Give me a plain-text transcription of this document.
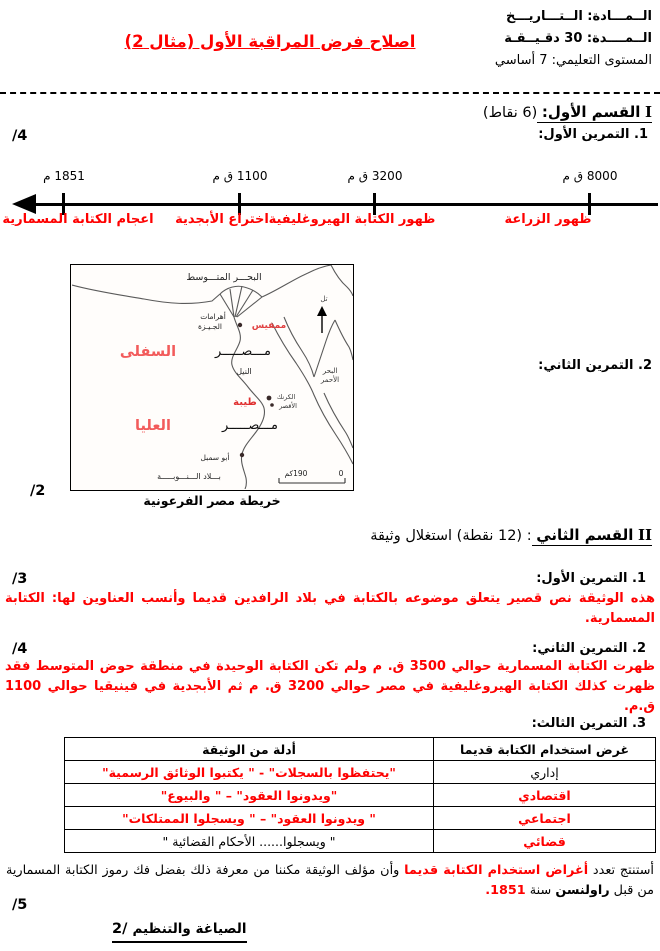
الــمـــادة: الــتـــاريـــخ
الــمــــدة: 30 دقـيــقـة
المستوى التعليمي: 7 أساسي
اصلاح فرض المراقبة الأول (مثال 2)
I القسم الأول: (6 نقاط)
1. التمرين الأول:
/4
8000 ق م
3200 ق م
1100 ق م
1851 م
ظهور الزراعة
ظهور الكتابة الهيروغليفية
اختراع الأبجدية
اعجام الكتابة المسمارية
البحـــر المتـــوسط
تل
أهرامات
الجـيـزة	ممفيس
مـــصـــــر
السفلى
النيل	البحر
الأحمر
طيبة	الكرنك
الأقصر
مـــصـــــر
العليا
أبو سمبل
بـــلاد الـــنـــوبـــــة	190كم	0
خريطة مصر الفرعونية
/2
2. التمرين الثاني:
II القسم الثاني : (12 نقطة) استغلال وثيقة
1. التمرين الأول:
/3
هذه الوثيقة نص قصير يتعلق موضوعه بالكتابة في بلاد الرافدين قديما وأنسب العناوين لها: الكتابة المسمارية.
2. التمرين الثاني:
/4
ظهرت الكتابة المسمارية حوالي 3500 ق. م ولم تكن الكتابة الوحيدة في منطقة حوض المتوسط فقد ظهرت كذلك الكتابة الهيروغليفية في مصر حوالي 3200 ق. م ثم الأبجدية في فينيقيا حوالي 1100 ق.م.
3. التمرين الثالث:
غرض استخدام الكتابة قديما	أدلة من الوثيقة
إداري	"يحتفظوا بالسجلات" - " يكتبوا الوثائق الرسمية"
اقتصادي	"ويدونوا العقود" – " والبيوع"
اجتماعي	" ويدونوا العقود" – " ويسجلوا الممتلكات"
قضائي	" ويسجلوا...... الأحكام القضائية "
أستنتج تعدد أغراض استخدام الكتابة قديما وأن مؤلف الوثيقة مكننا من معرفة ذلك بفضل فك رموز الكتابة المسمارية من قبل راولنسن سنة 1851.
/5
الصياغة والتنظيم /2
